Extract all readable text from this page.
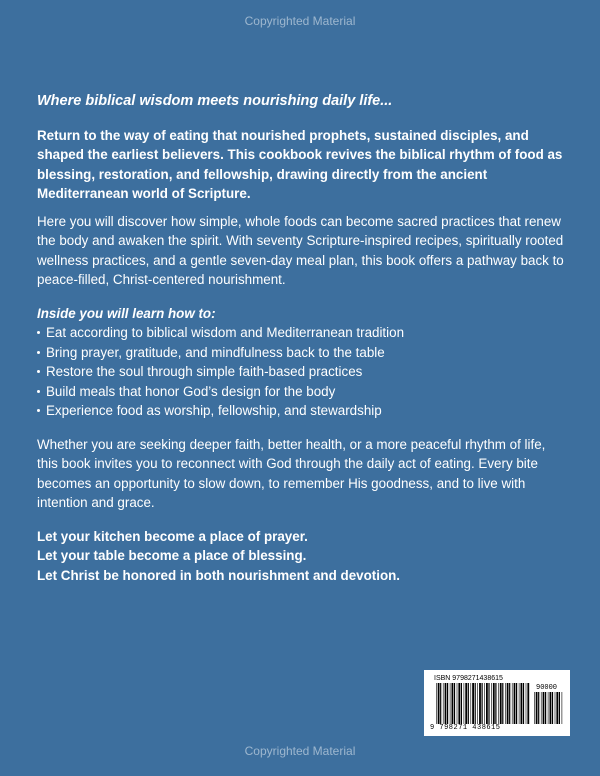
Copyrighted Material

Where biblical wisdom meets nourishing daily life...

Return to the way of eating that nourished prophets, sustained disciples, and shaped the earliest believers. This cookbook revives the biblical rhythm of food as blessing, restoration, and fellowship, drawing directly from the ancient Mediterranean world of Scripture.

Here you will discover how simple, whole foods can become sacred practices that renew the body and awaken the spirit. With seventy Scripture-inspired recipes, spiritually rooted wellness practices, and a gentle seven-day meal plan, this book offers a pathway back to peace-filled, Christ-centered nourishment.

Inside you will learn how to:

Eat according to biblical wisdom and Mediterranean tradition
Bring prayer, gratitude, and mindfulness back to the table
Restore the soul through simple faith-based practices
Build meals that honor God’s design for the body
Experience food as worship, fellowship, and stewardship

Whether you are seeking deeper faith, better health, or a more peaceful rhythm of life, this book invites you to reconnect with God through the daily act of eating. Every bite becomes an opportunity to slow down, to remember His goodness, and to live with intention and grace.

Let your kitchen become a place of prayer.
Let your table become a place of blessing.
Let Christ be honored in both nourishment and devotion.
ISBN 9798271438615
90000
9 798271 438615
Copyrighted Material
